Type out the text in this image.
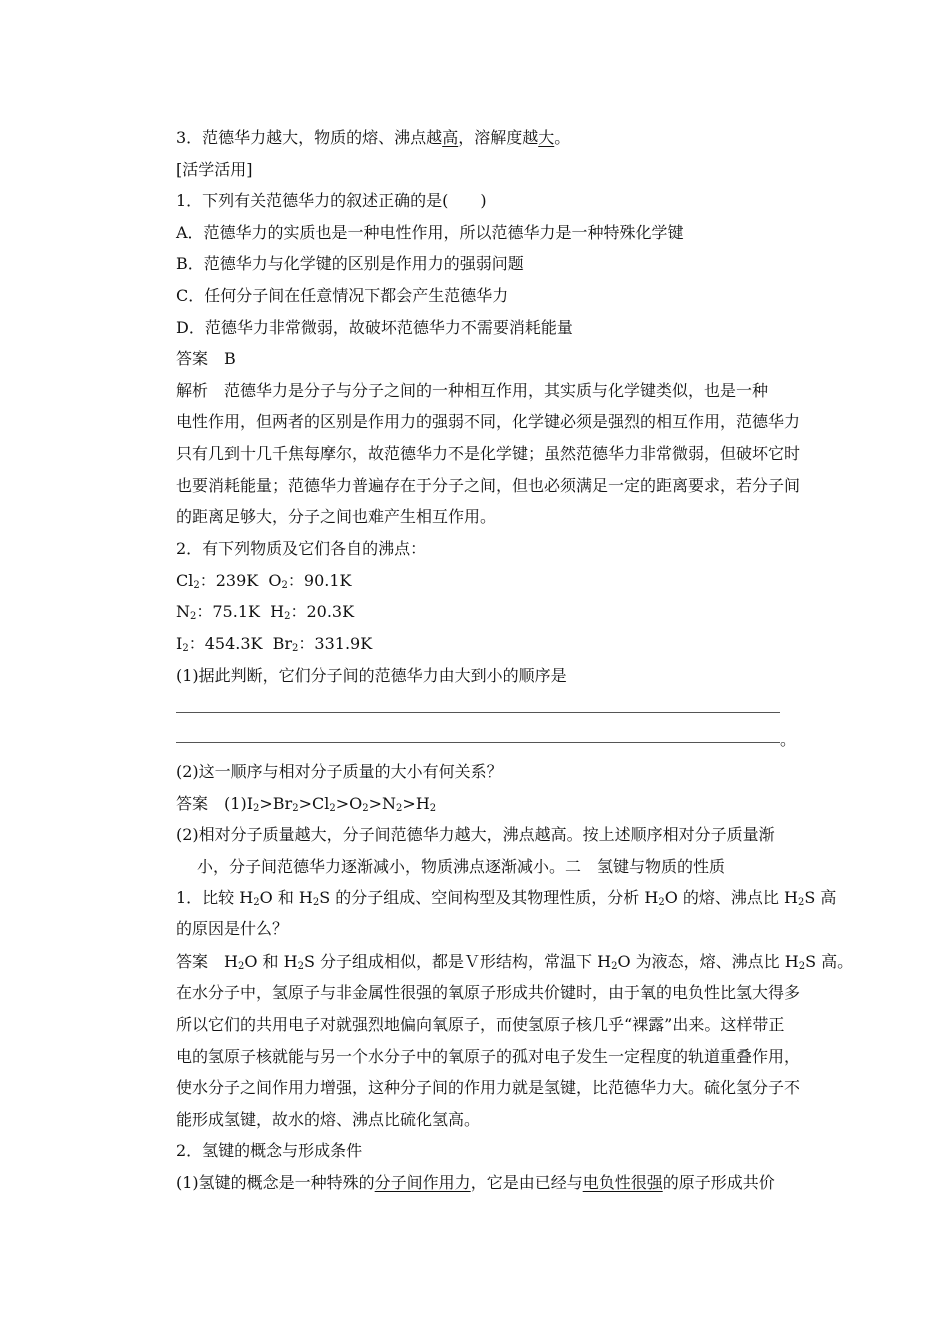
3．范德华力越大，物质的熔、沸点越高，溶解度越大。
[活学活用]
1．下列有关范德华力的叙述正确的是(　　)
A．范德华力的实质也是一种电性作用，所以范德华力是一种特殊化学键
B．范德华力与化学键的区别是作用力的强弱问题
C．任何分子间在任意情况下都会产生范德华力
D．范德华力非常微弱，故破坏范德华力不需要消耗能量
答案 B
解析　范德华力是分子与分子之间的一种相互作用，其实质与化学键类似，也是一种
电性作用，但两者的区别是作用力的强弱不同，化学键必须是强烈的相互作用，范德华力
只有几到十几千焦每摩尔，故范德华力不是化学键；虽然范德华力非常微弱，但破坏它时
也要消耗能量；范德华力普遍存在于分子之间，但也必须满足一定的距离要求，若分子间
的距离足够大，分子之间也难产生相互作用。
2．有下列物质及它们各自的沸点：
$Cl_2$：239K $O_2$：90.1K
$N_2$：75.1K $H_2$：20.3K
$I_2$：454.3K $Br_2$：331.9K
(1)据此判断，它们分子间的范德华力由大到小的顺序是
。
(2)这一顺序与相对分子质量的大小有何关系？
答案 $(1)I_2>Br_2>Cl_2>O_2>N_2>H_2$
(2)相对分子质量越大，分子间范德华力越大，沸点越高。按上述顺序相对分子质量渐
小，分子间范德华力逐渐减小，物质沸点逐渐减小。二　氢键与物质的性质
1．比较 $H_2O$ 和 $H_2S$ 的分子组成、空间构型及其物理性质，分析 $H_2O$ 的熔、沸点比 $H_2S$ 高
的原因是什么？
答案　$H_2O$ 和 $H_2S$ 分子组成相似，都是Ｖ形结构，常温下 $H_2O$ 为液态，熔、沸点比 $H_2S$ 高。
在水分子中，氢原子与非金属性很强的氧原子形成共价键时，由于氧的电负性比氢大得多
所以它们的共用电子对就强烈地偏向氧原子，而使氢原子核几乎“裸露”出来。这样带正
电的氢原子核就能与另一个水分子中的氧原子的孤对电子发生一定程度的轨道重叠作用，
使水分子之间作用力增强，这种分子间的作用力就是氢键，比范德华力大。硫化氢分子不
能形成氢键，故水的熔、沸点比硫化氢高。
2．氢键的概念与形成条件
(1)氢键的概念是一种特殊的分子间作用力，它是由已经与电负性很强的原子形成共价
